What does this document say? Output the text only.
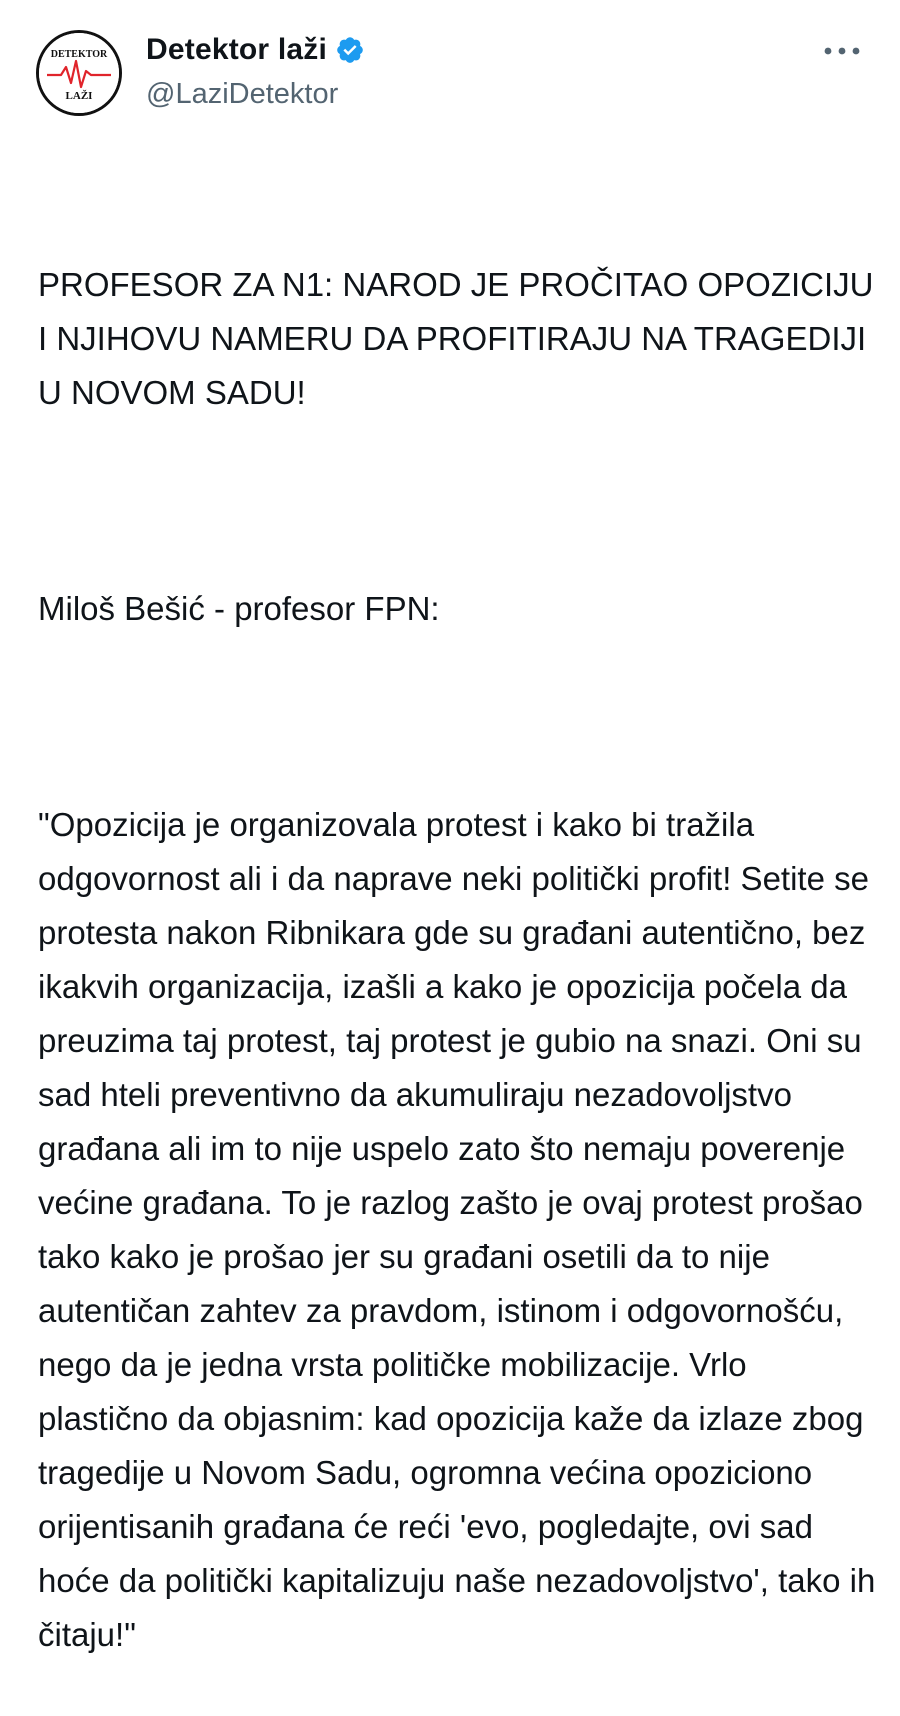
DETEKTOR
LAŽI
Detektor laži
@LaziDetektor

PROFESOR ZA N1: NAROD JE PROČITAO OPOZICIJU I NJIHOVU NAMERU DA PROFITIRAJU NA TRAGEDIJI U NOVOM SADU!

Miloš Bešić - profesor FPN:

"Opozicija je organizovala protest i kako bi tražila odgovornost ali i da naprave neki politički profit! Setite se protesta nakon Ribnikara gde su građani autentično, bez ikakvih organizacija, izašli a kako je opozicija počela da preuzima taj protest, taj protest je gubio na snazi. Oni su sad hteli preventivno da akumuliraju nezadovoljstvo građana ali im to nije uspelo zato što nemaju poverenje većine građana. To je razlog zašto je ovaj protest prošao tako kako je prošao jer su građani osetili da to nije autentičan zahtev za pravdom, istinom i odgovornošću, nego da je jedna vrsta političke mobilizacije. Vrlo plastično da objasnim: kad opozicija kaže da izlaze zbog tragedije u Novom Sadu, ogromna većina opoziciono orijentisanih građana će reći 'evo, pogledajte, ovi sad hoće da politički kapitalizuju naše nezadovoljstvo', tako ih čitaju!"
